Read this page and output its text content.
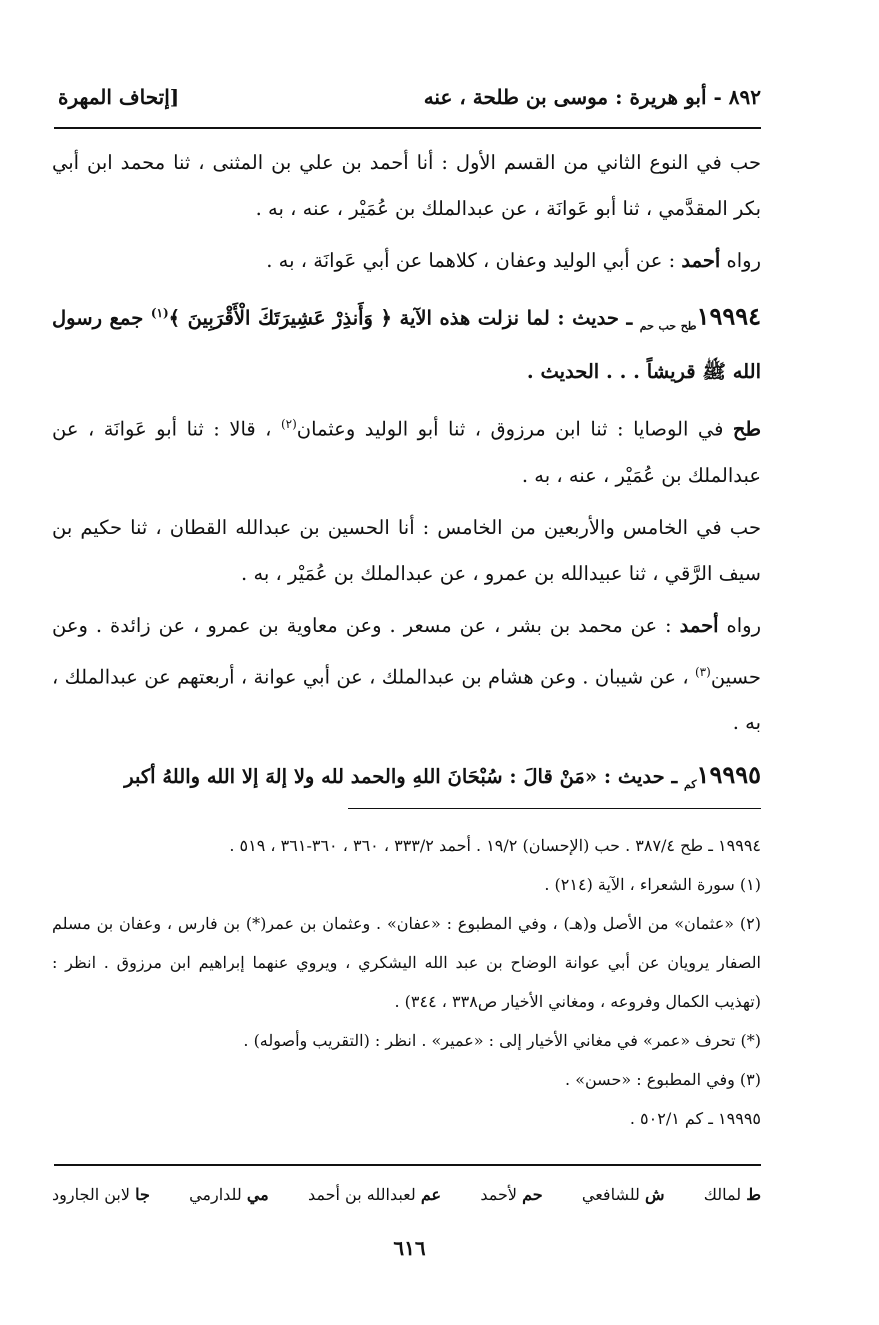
٨٩٢ - أبو هريرة : موسى بن طلحة ، عنه
[إتحاف المهرة

حب في النوع الثاني من القسم الأول : أنا أحمد بن علي بن المثنى ، ثنا محمد ابن أبي بكر المقدَّمي ، ثنا أبو عَوانَة ، عن عبدالملك بن عُمَيْر ، عنه ، به .

رواه أحمد : عن أبي الوليد وعفان ، كلاهما عن أبي عَوانَة ، به .

$١٩٩٩٤_{طح حب حم}$ ـ حديث : لما نزلت هذه الآية ﴿ وَأَنذِرْ عَشِيرَتَكَ الْأَقْرَبِينَ ﴾$^{(١)}$ جمع رسول الله ﷺ قريشاً . . . الحديث .

طح في الوصايا : ثنا ابن مرزوق ، ثنا أبو الوليد وعثمان$^{(٢)}$ ، قالا : ثنا أبو عَوانَة ، عن عبدالملك بن عُمَيْر ، عنه ، به .

حب في الخامس والأربعين من الخامس : أنا الحسين بن عبدالله القطان ، ثنا حكيم بن سيف الرَّقي ، ثنا عبيدالله بن عمرو ، عن عبدالملك بن عُمَيْر ، به .

رواه أحمد : عن محمد بن بشر ، عن مسعر . وعن معاوية بن عمرو ، عن زائدة . وعن حسين$^{(٣)}$ ، عن شيبان . وعن هشام بن عبدالملك ، عن أبي عوانة ، أربعتهم عن عبدالملك ، به .

$١٩٩٩٥_{كم}$ ـ حديث : «مَنْ قالَ : سُبْحَانَ اللهِ والحمد لله ولا إلهَ إلا الله واللهُ أكبر

١٩٩٩٤ ـ طح ٣٨٧/٤ . حب (الإحسان) ١٩/٢ . أحمد ٣٣٣/٢ ، ٣٦٠ ، ٣٦٠-٣٦١ ، ٥١٩ .

(١) سورة الشعراء ، الآية (٢١٤) .

(٢) «عثمان» من الأصل و(هـ) ، وفي المطبوع : «عفان» . وعثمان بن عمر(*) بن فارس ، وعفان بن مسلم الصفار يرويان عن أبي عوانة الوضاح بن عبد الله اليشكري ، ويروي عنهما إبراهيم ابن مرزوق . انظر : (تهذيب الكمال وفروعه ، ومغاني الأخيار ص٣٣٨ ، ٣٤٤) .

(*) تحرف «عمر» في مغاني الأخيار إلى : «عمير» . انظر : (التقريب وأصوله) .

(٣) وفي المطبوع : «حسن» .

١٩٩٩٥ ـ كم ٥٠٢/١ .

ط لمالك
ش للشافعي
حم لأحمد
عم لعبدالله بن أحمد
مي للدارمي
جا لابن الجارود
٦١٦
